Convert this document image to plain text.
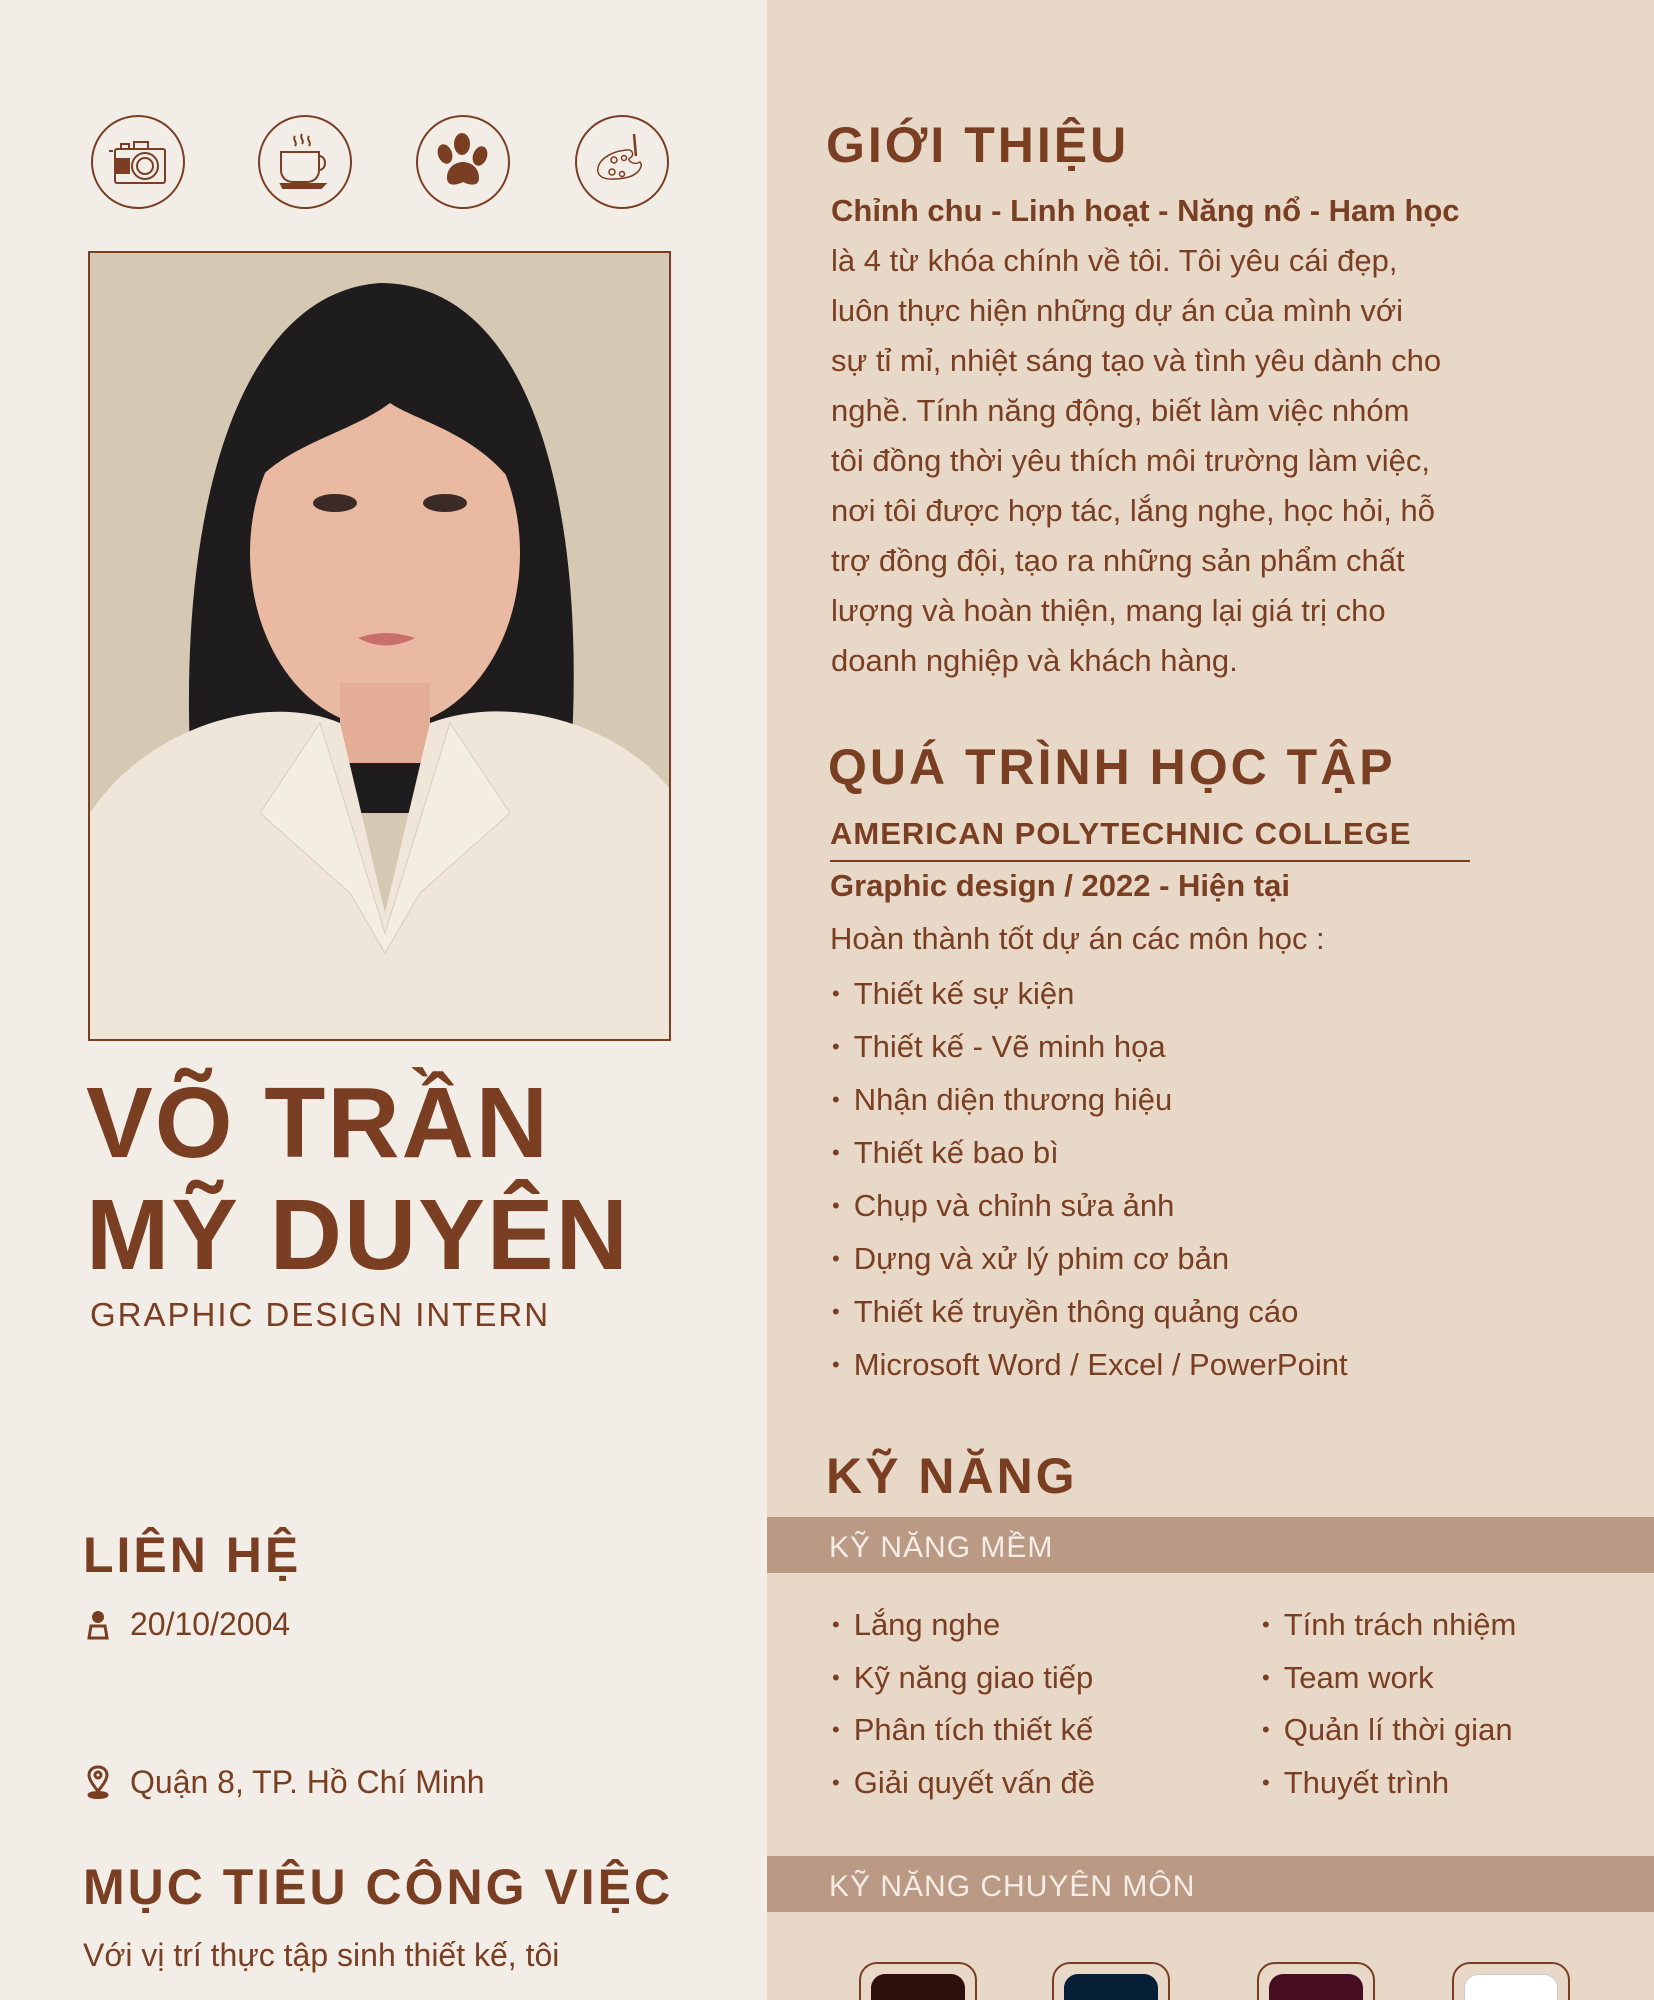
VÕ TRẦN
MỸ DUYÊN
GRAPHIC DESIGN INTERN
LIÊN HỆ
20/10/2004
Quận 8, TP. Hồ Chí Minh
MỤC TIÊU CÔNG VIỆC
Với vị trí thực tập sinh thiết kế, tôi
GIỚI THIỆU
Chỉnh chu - Linh hoạt - Năng nổ - Ham học
là 4 từ khóa chính về tôi. Tôi yêu cái đẹp,
luôn thực hiện những dự án của mình với
sự tỉ mỉ, nhiệt sáng tạo và tình yêu dành cho
nghề. Tính năng động, biết làm việc nhóm
tôi đồng thời yêu thích môi trường làm việc,
nơi tôi được hợp tác, lắng nghe, học hỏi, hỗ
trợ đồng đội, tạo ra những sản phẩm chất
lượng và hoàn thiện, mang lại giá trị cho
doanh nghiệp và khách hàng.
QUÁ TRÌNH HỌC TẬP
AMERICAN POLYTECHNIC COLLEGE
Graphic design / 2022 - Hiện tại
Hoàn thành tốt dự án các môn học :
• Thiết kế sự kiện
• Thiết kế - Vẽ minh họa
• Nhận diện thương hiệu
• Thiết kế bao bì
• Chụp và chỉnh sửa ảnh
• Dựng và xử lý phim cơ bản
• Thiết kế truyền thông quảng cáo
• Microsoft Word / Excel / PowerPoint
KỸ NĂNG
KỸ NĂNG MỀM
• Lắng nghe
• Kỹ năng giao tiếp
• Phân tích thiết kế
• Giải quyết vấn đề
• Tính trách nhiệm
• Team work
• Quản lí thời gian
• Thuyết trình
KỸ NĂNG CHUYÊN MÔN
